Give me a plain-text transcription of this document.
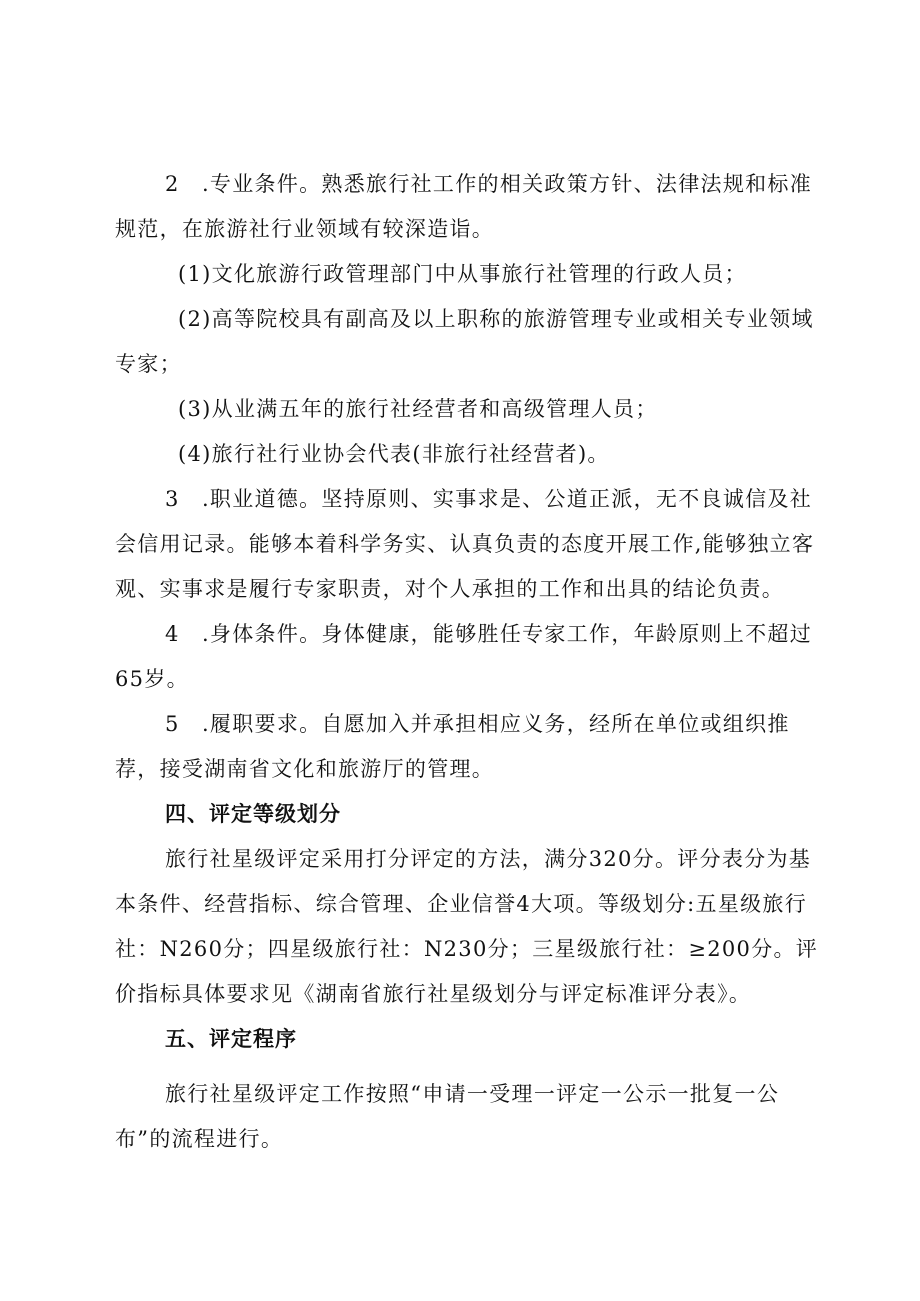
2　.专业条件。熟悉旅行社工作的相关政策方针、法律法规和标准规范，在旅游社行业领域有较深造诣。

(1)文化旅游行政管理部门中从事旅行社管理的行政人员；

(2)高等院校具有副高及以上职称的旅游管理专业或相关专业领域专家；

(3)从业满五年的旅行社经营者和高级管理人员；

(4)旅行社行业协会代表(非旅行社经营者)。

3　.职业道德。坚持原则、实事求是、公道正派，无不良诚信及社会信用记录。能够本着科学务实、认真负责的态度开展工作,能够独立客观、实事求是履行专家职责，对个人承担的工作和出具的结论负责。

4　.身体条件。身体健康，能够胜任专家工作，年龄原则上不超过65岁。

5　.履职要求。自愿加入并承担相应义务，经所在单位或组织推荐，接受湖南省文化和旅游厅的管理。

四、评定等级划分

旅行社星级评定采用打分评定的方法，满分320分。评分表分为基本条件、经营指标、综合管理、企业信誉4大项。等级划分:五星级旅行社：N260分；四星级旅行社：N230分；三星级旅行社：≥200分。评价指标具体要求见《湖南省旅行社星级划分与评定标准评分表》。

五、评定程序

旅行社星级评定工作按照“申请一受理一评定一公示一批复一公布”的流程进行。
